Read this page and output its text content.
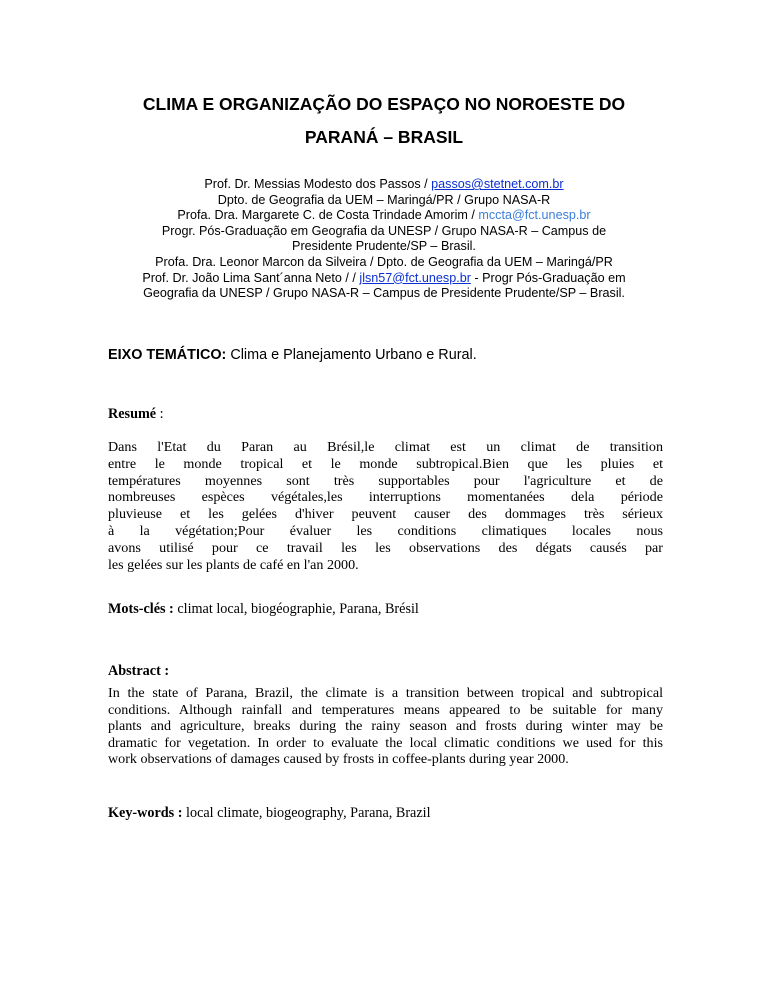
CLIMA E ORGANIZAÇÃO DO ESPAÇO NO NOROESTE DO
PARANÁ – BRASIL
Prof. Dr. Messias Modesto dos Passos / passos@stetnet.com.br
Dpto. de Geografia da UEM – Maringá/PR / Grupo NASA-R
Profa. Dra. Margarete C. de Costa Trindade Amorim / mccta@fct.unesp.br
Progr. Pós-Graduação em Geografia da UNESP / Grupo NASA-R – Campus de
Presidente Prudente/SP – Brasil.
Profa. Dra. Leonor Marcon da Silveira / Dpto. de Geografia da UEM – Maringá/PR
Prof. Dr. João Lima Sant´anna Neto / / jlsn57@fct.unesp.br - Progr Pós-Graduação em
Geografia da UNESP / Grupo NASA-R – Campus de Presidente Prudente/SP – Brasil.
EIXO TEMÁTICO: Clima e Planejamento Urbano e Rural.
Resumé :
Dans l'Etat du Paran au Brésil,le climat est un climat de transition
entre le monde tropical et le monde subtropical.Bien que les pluies et
températures moyennes sont très supportables pour l'agriculture et de
nombreuses espèces végétales,les interruptions momentanées dela période
pluvieuse et les gelées d'hiver peuvent causer des dommages très sérieux
à la végétation;Pour évaluer les conditions climatiques locales nous
avons utilisé pour ce travail les les observations des dégats causés par
les gelées sur les plants de café en l'an 2000.
Mots-clés : climat local, biogéographie, Parana, Brésil
Abstract :
In the state of Parana, Brazil, the climate is a transition between tropical and subtropical
conditions. Although rainfall and temperatures means appeared to be suitable for many
plants and agriculture, breaks during the rainy season and frosts during winter may be
dramatic for vegetation. In order to evaluate the local climatic conditions we used for this
work observations of damages caused by frosts in coffee-plants during year 2000.
Key-words : local climate, biogeography, Parana, Brazil
